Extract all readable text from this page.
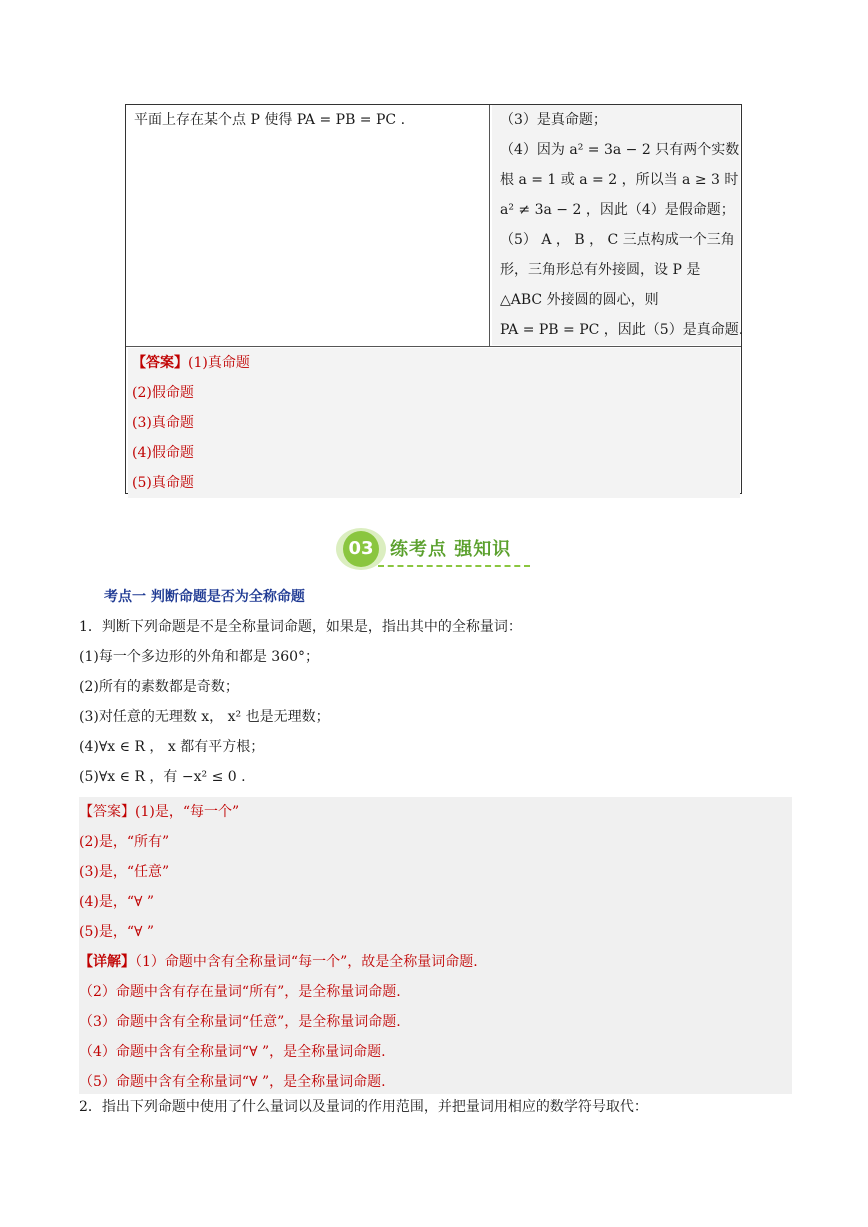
平面上存在某个点 P 使得 PA = PB = PC .	（3）是真命题；
（4）因为 a² = 3a − 2 只有两个实数
根 a = 1 或 a = 2 ，所以当 a ≥ 3 时
a² ≠ 3a − 2 ，因此（4）是假命题；
（5） A ， B ， C 三点构成一个三角
形，三角形总有外接圆，设 P 是
△ABC 外接圆的圆心，则
PA = PB = PC ，因此（5）是真命题.
【答案】(1)真命题
(2)假命题
(3)真命题
(4)假命题
(5)真命题
03 练考点 强知识
考点一 判断命题是否为全称命题
1．判断下列命题是不是全称量词命题，如果是，指出其中的全称量词：
(1)每一个多边形的外角和都是 360°；
(2)所有的素数都是奇数；
(3)对任意的无理数 x， x² 也是无理数；
(4)∀x ∈ R ， x 都有平方根；
(5)∀x ∈ R ，有 −x² ≤ 0 .
【答案】(1)是，“每一个”
(2)是，“所有”
(3)是，“任意”
(4)是，“∀ ”
(5)是，“∀ ”
【详解】（1）命题中含有全称量词“每一个”，故是全称量词命题.
（2）命题中含有存在量词“所有”，是全称量词命题.
（3）命题中含有全称量词“任意”，是全称量词命题.
（4）命题中含有全称量词“∀ ”，是全称量词命题.
（5）命题中含有全称量词“∀ ”，是全称量词命题.
2．指出下列命题中使用了什么量词以及量词的作用范围，并把量词用相应的数学符号取代：
